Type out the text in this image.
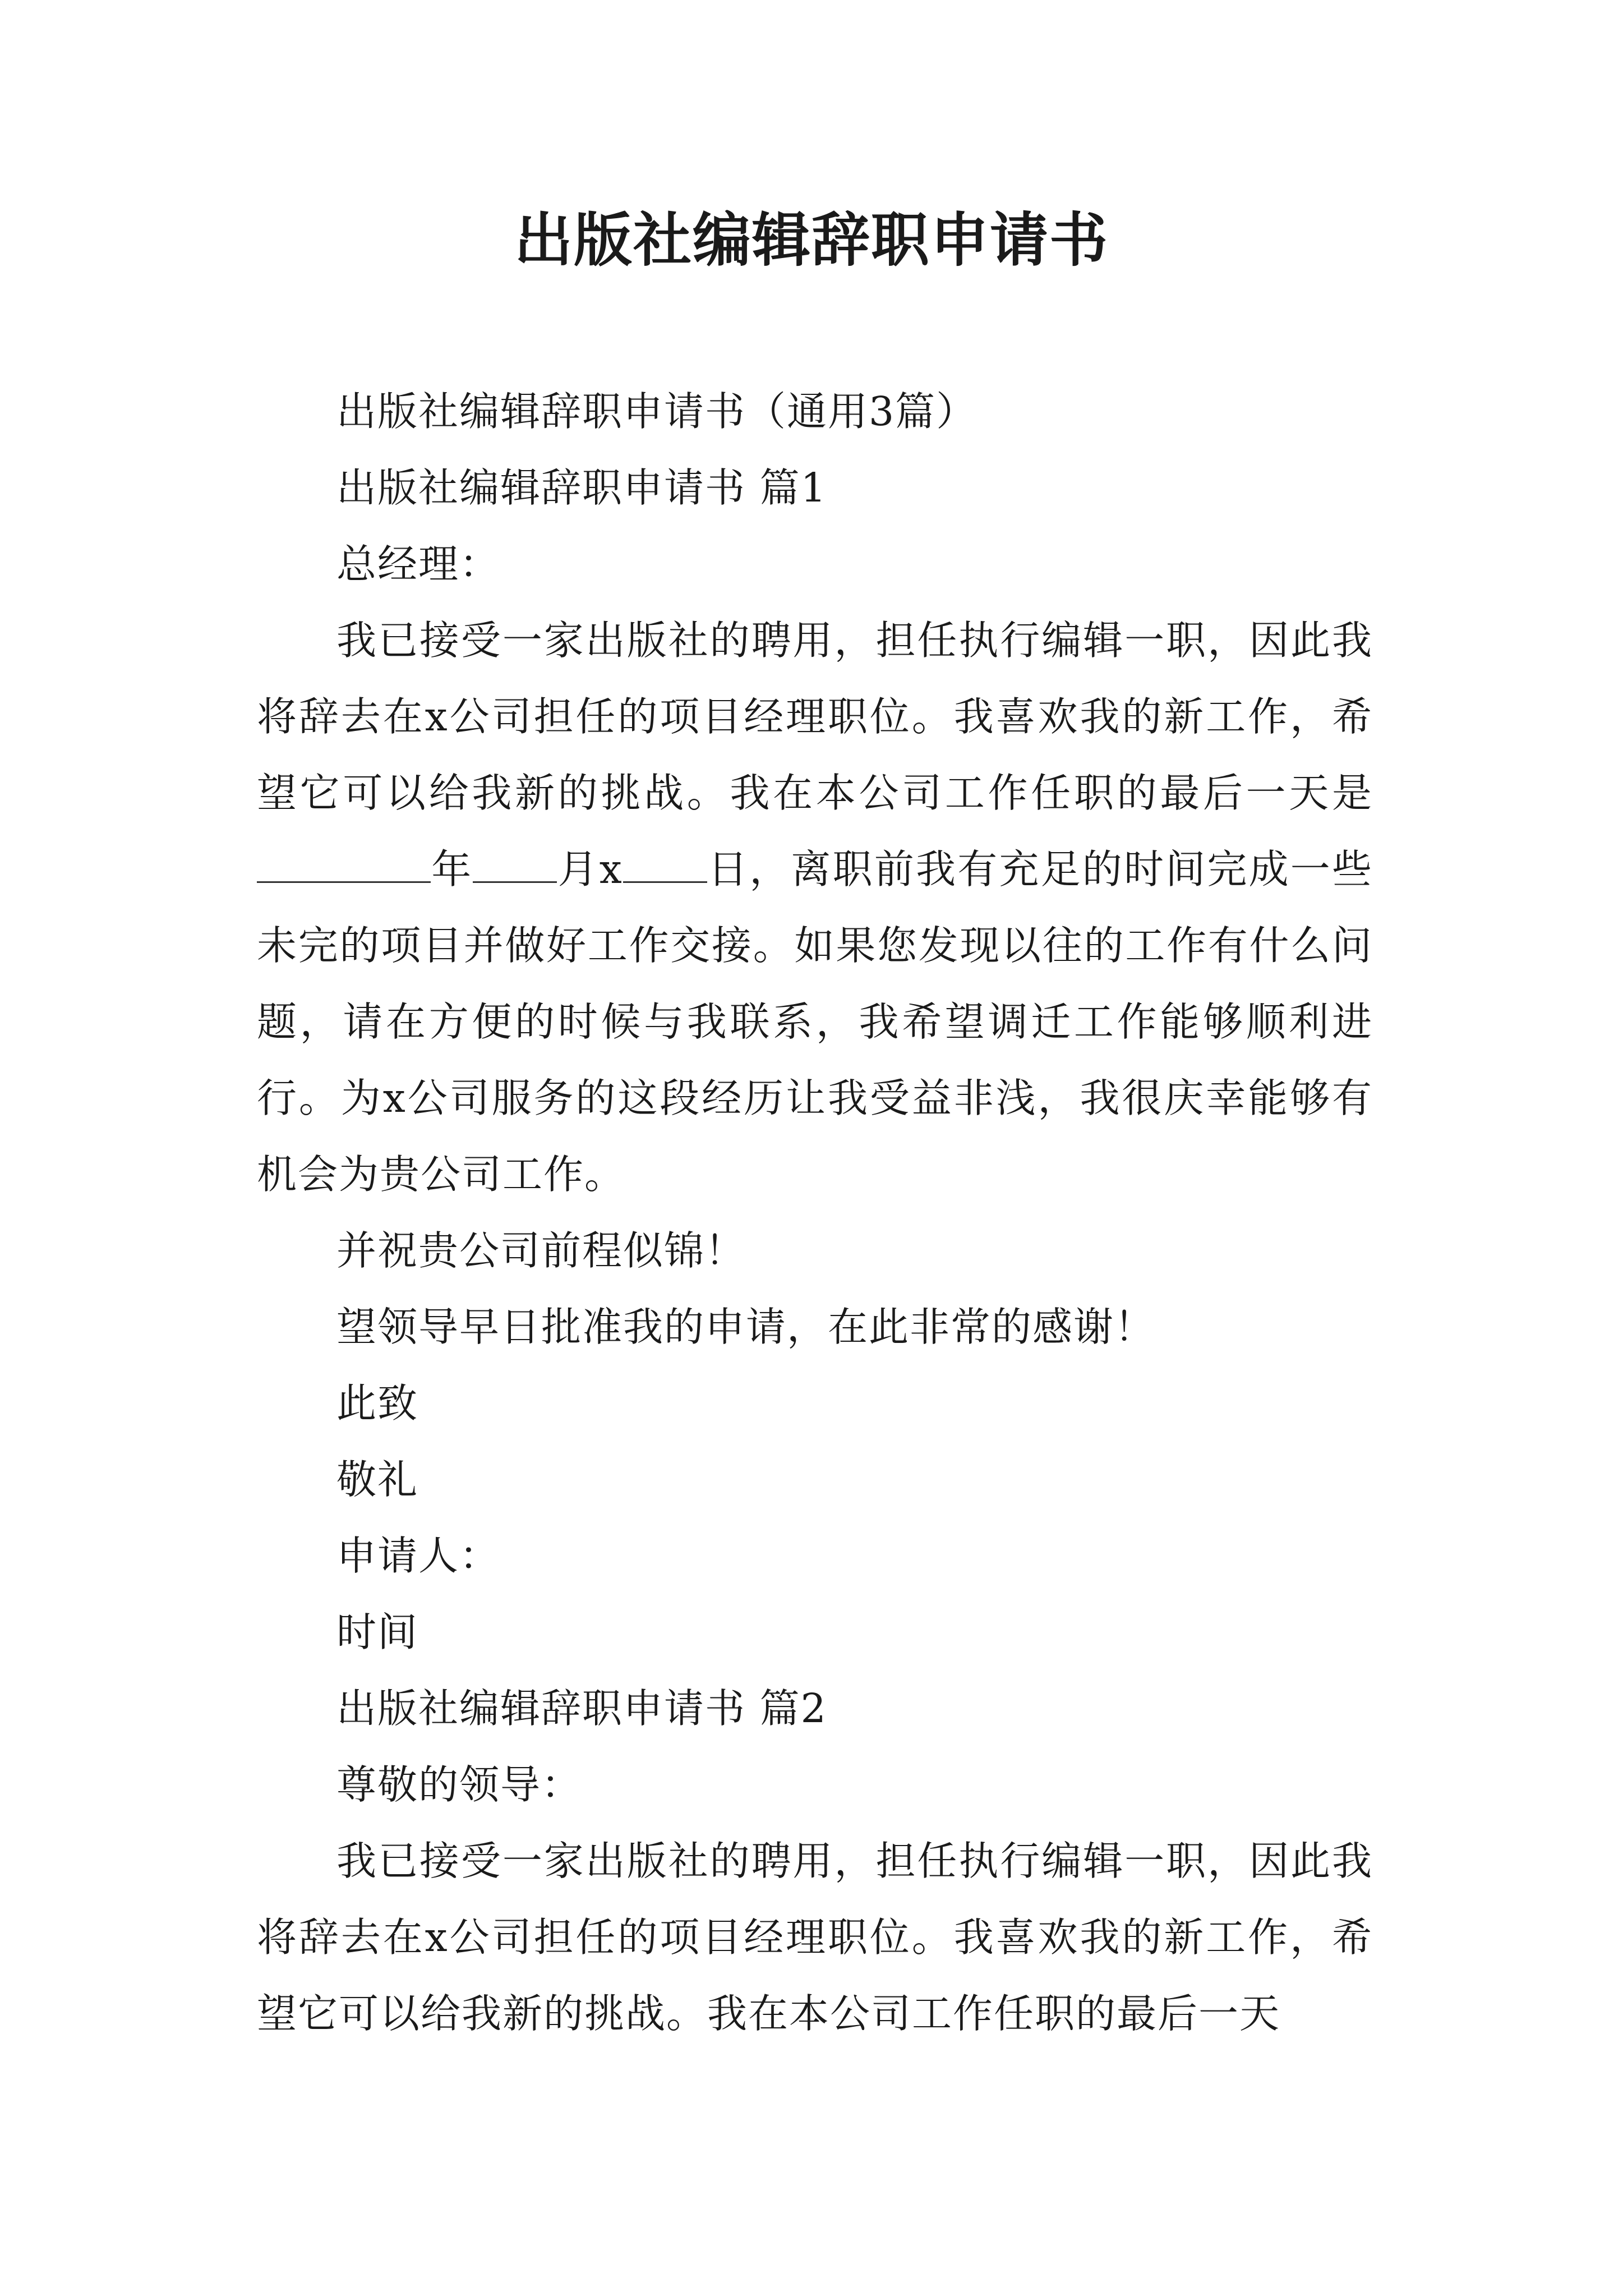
出版社编辑辞职申请书

出版社编辑辞职申请书（通用3篇）

出版社编辑辞职申请书 篇1

总经理：

我已接受一家出版社的聘用，担任执行编辑一职，因此我将辞去在x公司担任的项目经理职位。我喜欢我的新工作，希望它可以给我新的挑战。我在本公司工作任职的最后一天是年 月x 日，离职前我有充足的时间完成一些未完的项目并做好工作交接。如果您发现以往的工作有什么问题，请在方便的时候与我联系，我希望调迁工作能够顺利进行。为x公司服务的这段经历让我受益非浅，我很庆幸能够有机会为贵公司工作。

并祝贵公司前程似锦！

望领导早日批准我的申请，在此非常的感谢！

此致

敬礼

申请人：

时间

出版社编辑辞职申请书 篇2

尊敬的领导：

我已接受一家出版社的聘用，担任执行编辑一职，因此我将辞去在x公司担任的项目经理职位。我喜欢我的新工作，希望它可以给我新的挑战。我在本公司工作任职的最后一天
